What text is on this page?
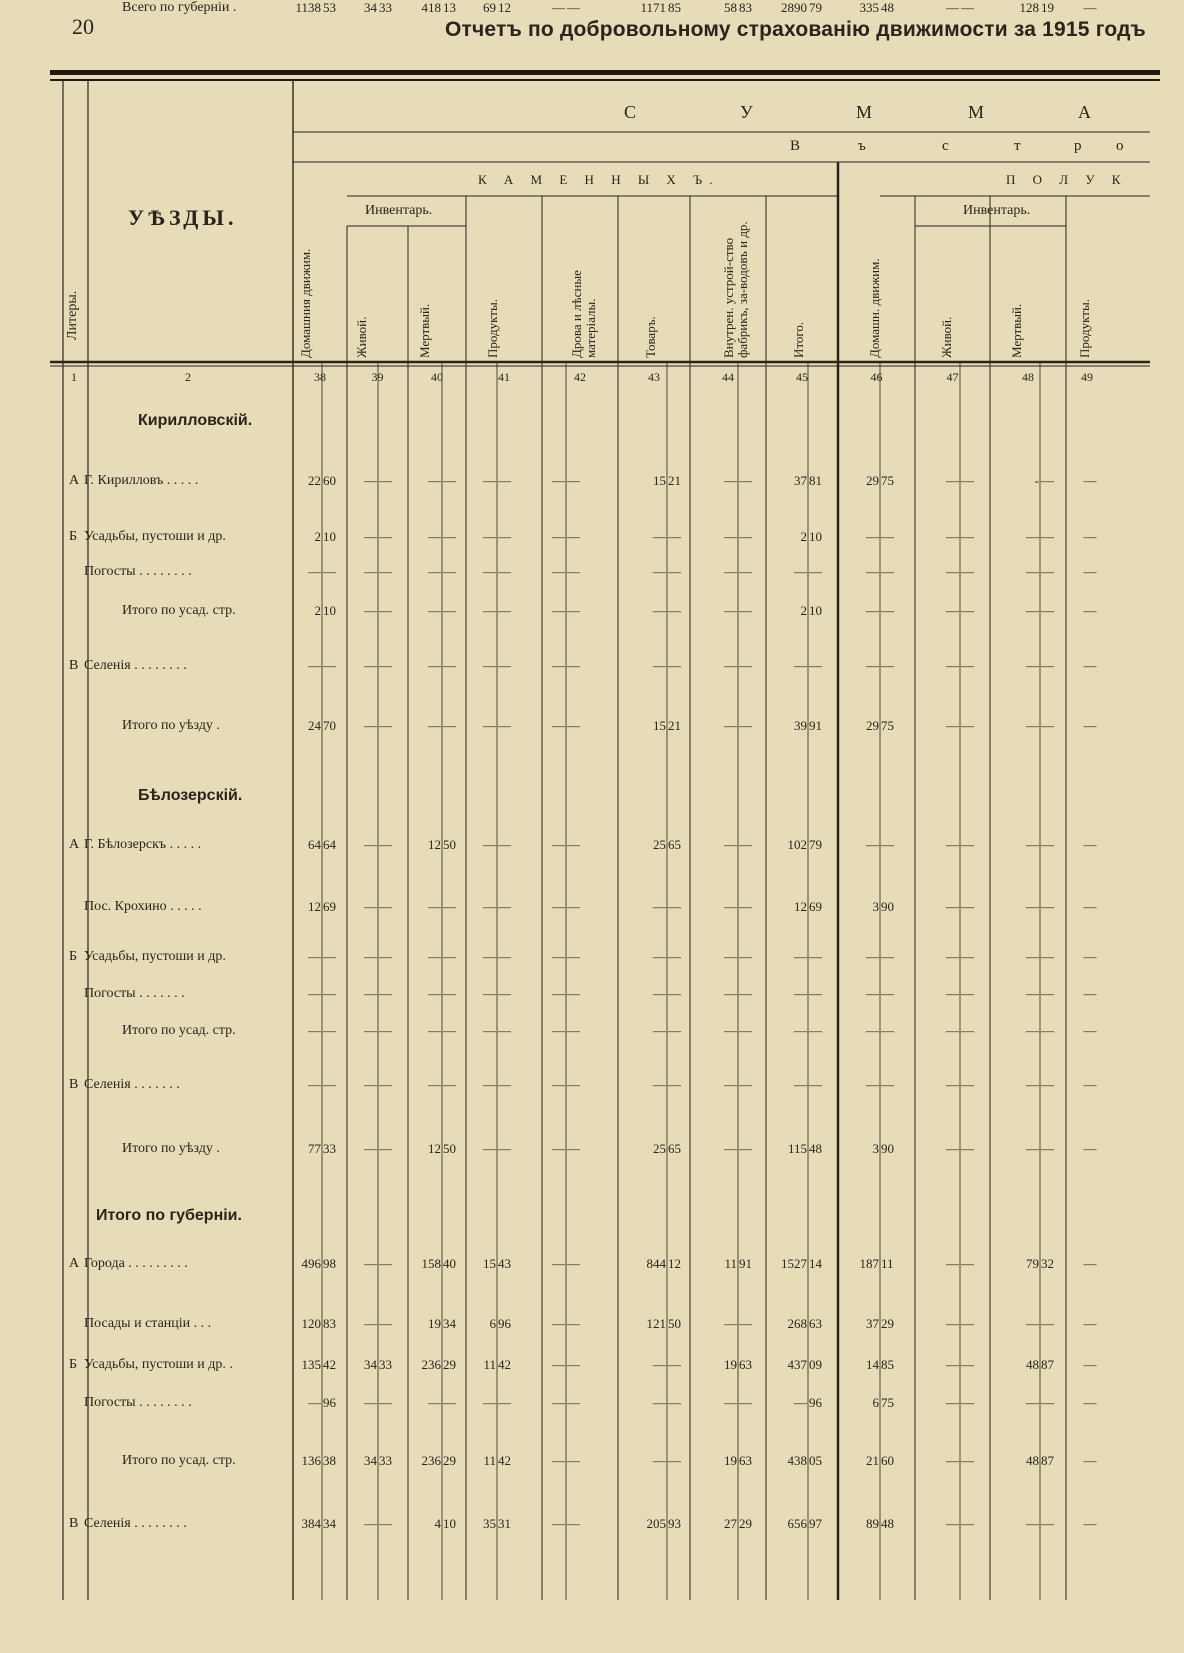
20	Отчетъ по добровольному страхованію движимости за 1915 годъ
Литеры.
УѢЗДЫ.
С	У	М	М	А
В	ъ	с	т	р о
К А М Е Н Н Ы Х Ъ.	П О Л У К
Инвентарь.	Инвентарь.
Домашния движим.	Живой.	Мертвый.	Продукты.	Дрова и лѣсные матеріалы.	Товаръ.	Внутрен. устрой-ство фабрикъ, за-водовъ и др.	Итого.	Домашн. движим.	Живой.	Мертвый.	Продукты.
1	2	38	39	40	41	42	43	44	45	46	47	48	49
Кирилловскій.
А Г. Кирилловъ . . . . .	22 60	— —	— —	— —	— —	15 21	— —	37 81	29 75	— —	- —	—
Б Усадьбы, пустоши и др.	2 10	— —	— —	— —	— —	— —	— —	2 10	— —	— —	— —	—
Погосты . . . . . . . .	— —	— —	— —	— —	— —	— —	— —	— —	— —	— —	— —	—
Итого по усад. стр.	2 10	— —	— —	— —	— —	— —	— —	2 10	— —	— —	— —	—
В Селенія . . . . . . . .	— —	— —	— —	— —	— —	— —	— —	— —	— —	— —	— —	—
Итого по уѣзду .	24 70	— —	— —	— —	— —	15 21	— —	39 91	29 75	— —	— —	—
Бѣлозерскій.
А Г. Бѣлозерскъ . . . . .	64 64	— —	12 50	— —	— —	25 65	— —	102 79	— —	— —	— —	—
Пос. Крохино . . . . .	12 69	— —	— —	— —	— —	— —	— —	12 69	3 90	— —	— —	—
Б Усадьбы, пустоши и др.	— —	— —	— —	— —	— —	— —	— —	— —	— —	— —	— —	—
Погосты . . . . . . .	— —	— —	— —	— —	— —	— —	— —	— —	— —	— —	— —	—
Итого по усад. стр.	— —	— —	— —	— —	— —	— —	— —	— —	— —	— —	— —	—
В Селенія . . . . . . .	— —	— —	— —	— —	— —	— —	— —	— —	— —	— —	— —	—
Итого по уѣзду .	77 33	— —	12 50	— —	— —	25 65	— —	115 48	3 90	— —	— —	—
Итого по губерніи.
А Города . . . . . . . . .	496 98	— —	158 40	15 43	— —	844 12	11 91	1527 14	187 11	— —	79 32	—
Посады и станціи . . .	120 83	— —	19 34	6 96	— —	121 50	— —	268 63	37 29	— —	— —	—
Б Усадьбы, пустоши и др. .	135 42	34 33	236 29	11 42	— —	— —	19 63	437 09	14 85	— —	48 87	—
Погосты . . . . . . . .	— 96	— —	— —	— —	— —	— —	— —	— 96	6 75	— —	— —	—
Итого по усад. стр.	136 38	34 33	236 29	11 42	— —	— —	19 63	438 05	21 60	— —	48 87	—
В Селенія . . . . . . . .	384 34	— —	4 10	35 31	— —	205 93	27 29	656 97	89 48	— —	— —	—
Всего по губерніи .	1138 53	34 33	418 13	69 12	— —	1171 85	58 83	2890 79	335 48	— —	128 19	—
